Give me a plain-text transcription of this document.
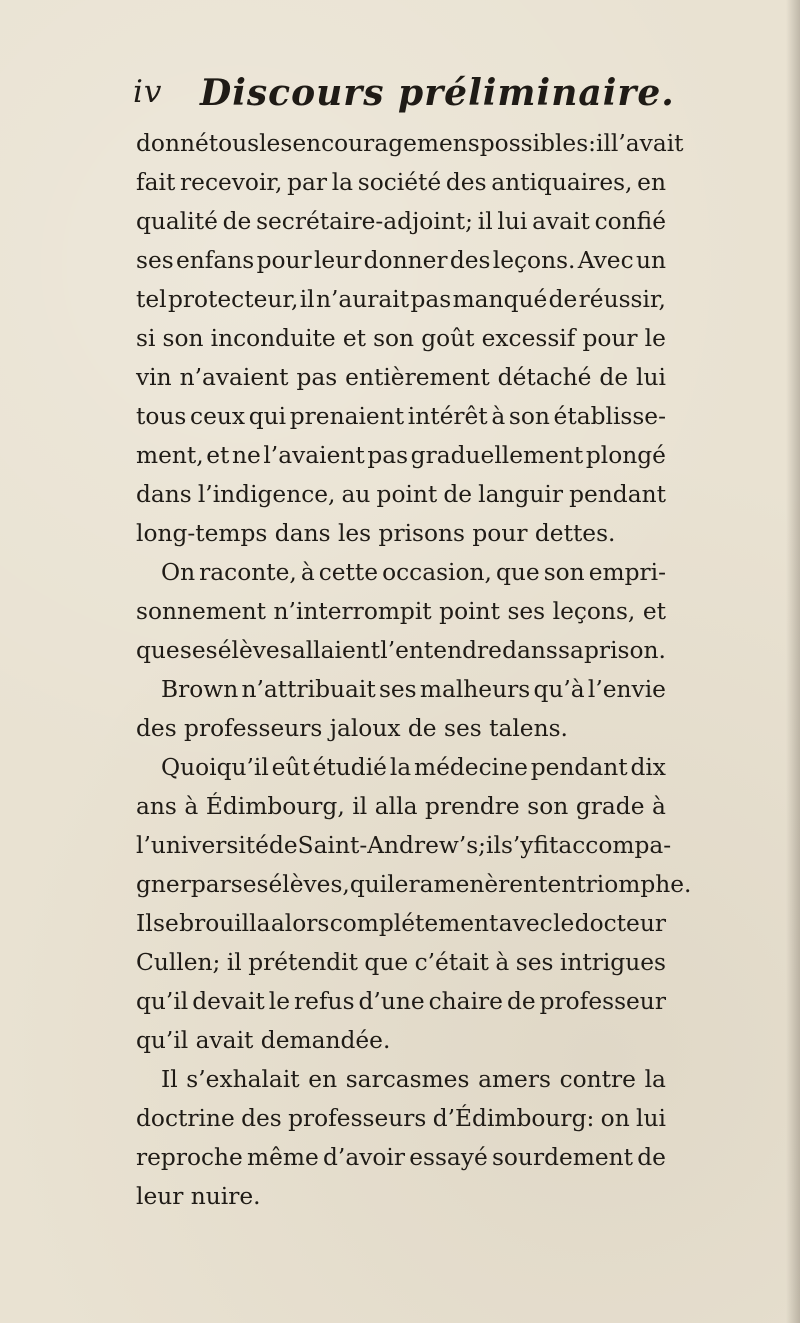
iv Discours préliminaire.
donné tous les encouragemens possibles: il l’avait
fait recevoir, par la société des antiquaires, en
qualité de secrétaire-adjoint; il lui avait confié
ses enfans pour leur donner des leçons. Avec un
tel protecteur, il n’aurait pas manqué de réussir,
si son inconduite et son goût excessif pour le
vin n’avaient pas entièrement détaché de lui
tous ceux qui prenaient intérêt à son établisse-
ment, et ne l’avaient pas graduellement plongé
dans l’indigence, au point de languir pendant
long-temps dans les prisons pour dettes.
On raconte, à cette occasion, que son empri-
sonnement n’interrompit point ses leçons, et
que ses élèves allaient l’entendre dans sa prison.
Brown n’attribuait ses malheurs qu’à l’envie
des professeurs jaloux de ses talens.
Quoiqu’il eût étudié la médecine pendant dix
ans à Édimbourg, il alla prendre son grade à
l’université de Saint-Andrew’s; il s’y fit accompa-
gner par ses élèves, qui le ramenèrent en triomphe.
Il se brouilla alors complétement avec le docteur
Cullen; il prétendit que c’était à ses intrigues
qu’il devait le refus d’une chaire de professeur
qu’il avait demandée.
Il s’exhalait en sarcasmes amers contre la
doctrine des professeurs d’Édimbourg: on lui
reproche même d’avoir essayé sourdement de
leur nuire.
